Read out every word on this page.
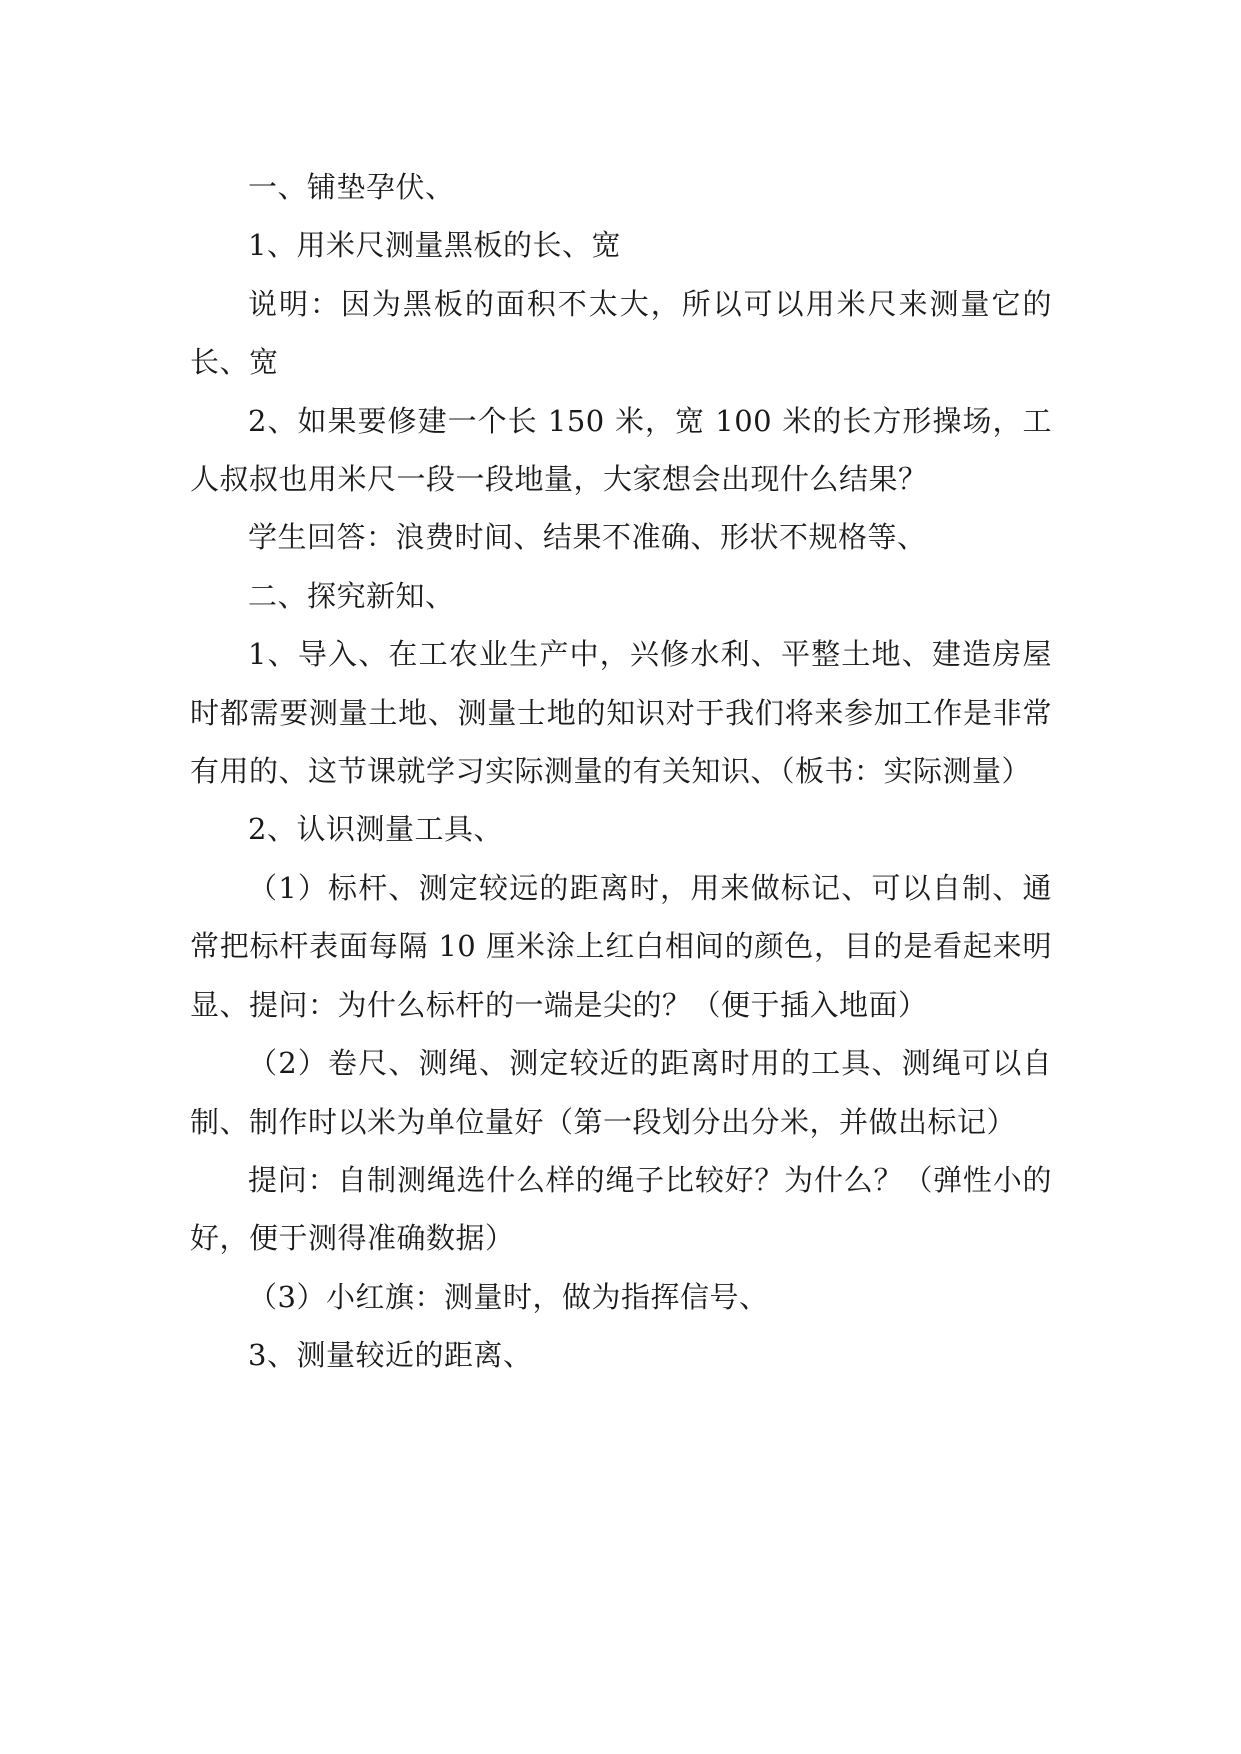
一、铺垫孕伏、

1、用米尺测量黑板的长、宽

说明：因为黑板的面积不太大，所以可以用米尺来测量它的长、宽

2、如果要修建一个长 150 米，宽 100 米的长方形操场，工人叔叔也用米尺一段一段地量，大家想会出现什么结果？

学生回答：浪费时间、结果不准确、形状不规格等、

二、探究新知、

1、导入、在工农业生产中，兴修水利、平整土地、建造房屋时都需要测量土地、测量士地的知识对于我们将来参加工作是非常有用的、这节课就学习实际测量的有关知识、（板书：实际测量）

2、认识测量工具、

（1）标杆、测定较远的距离时，用来做标记、可以自制、通常把标杆表面每隔 10 厘米涂上红白相间的颜色，目的是看起来明显、提问：为什么标杆的一端是尖的？（便于插入地面）

（2）卷尺、测绳、测定较近的距离时用的工具、测绳可以自制、制作时以米为单位量好（第一段划分出分米，并做出标记）

提问：自制测绳选什么样的绳子比较好？为什么？（弹性小的好，便于测得准确数据）

（3）小红旗：测量时，做为指挥信号、

3、测量较近的距离、
